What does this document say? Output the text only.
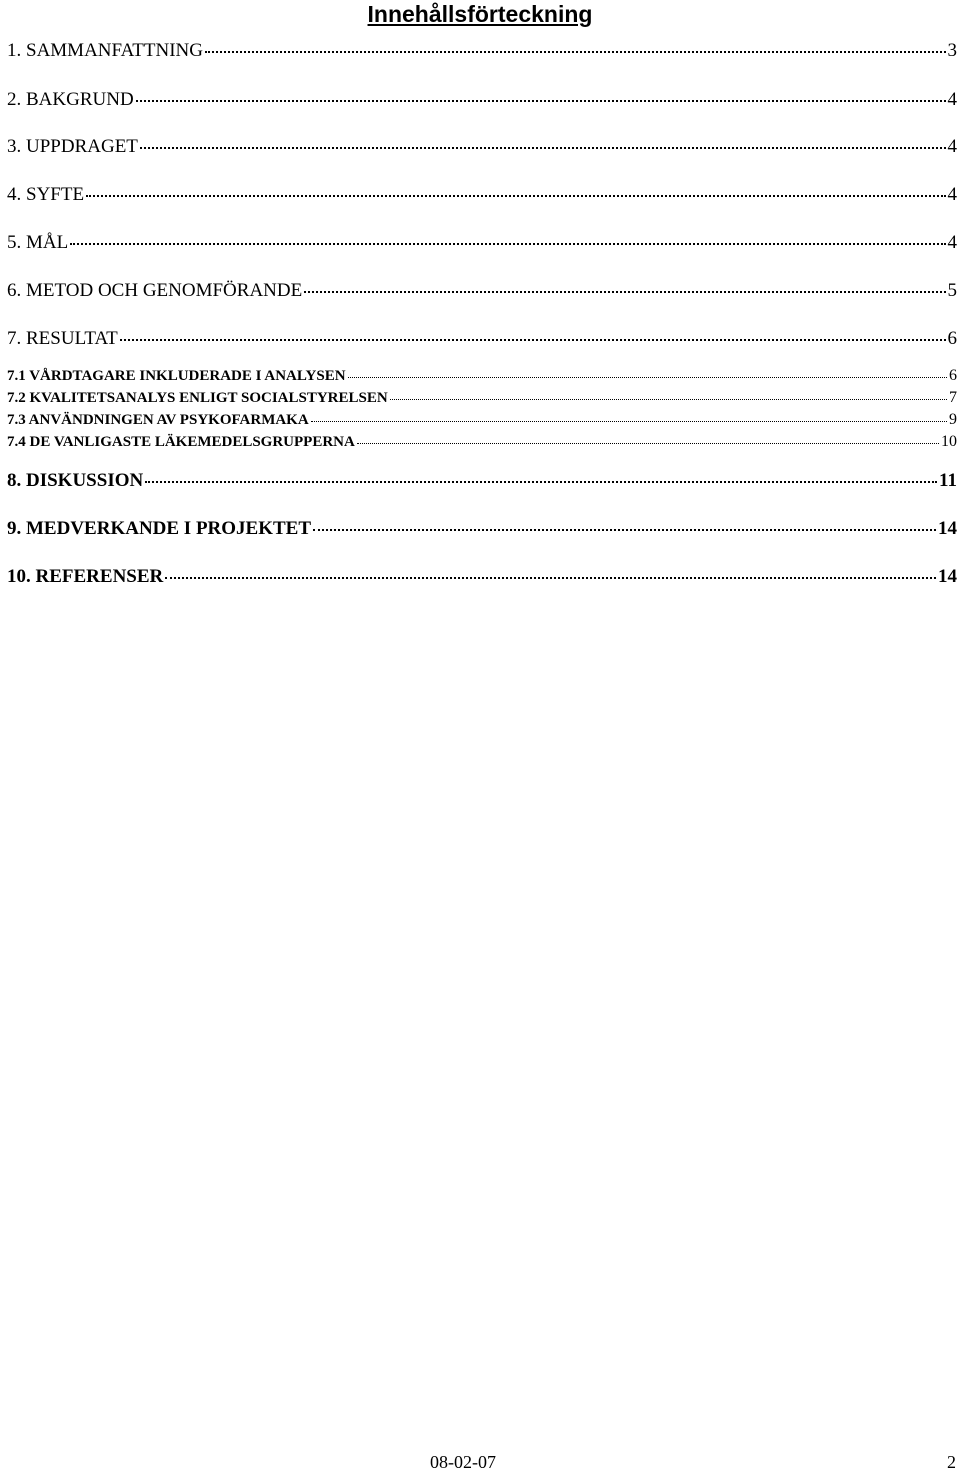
Innehållsförteckning
1. SAMMANFATTNING	3
2. BAKGRUND	4
3. UPPDRAGET	4
4. SYFTE	4
5. MÅL	4
6. METOD OCH GENOMFÖRANDE	5
7. RESULTAT	6
7.1 VÅRDTAGARE INKLUDERADE I ANALYSEN	6
7.2 KVALITETSANALYS ENLIGT SOCIALSTYRELSEN	7
7.3 ANVÄNDNINGEN AV PSYKOFARMAKA	9
7.4 DE VANLIGASTE LÄKEMEDELSGRUPPERNA	10
8. DISKUSSION	11
9. MEDVERKANDE I PROJEKTET	14
10. REFERENSER	14
08-02-07	2
